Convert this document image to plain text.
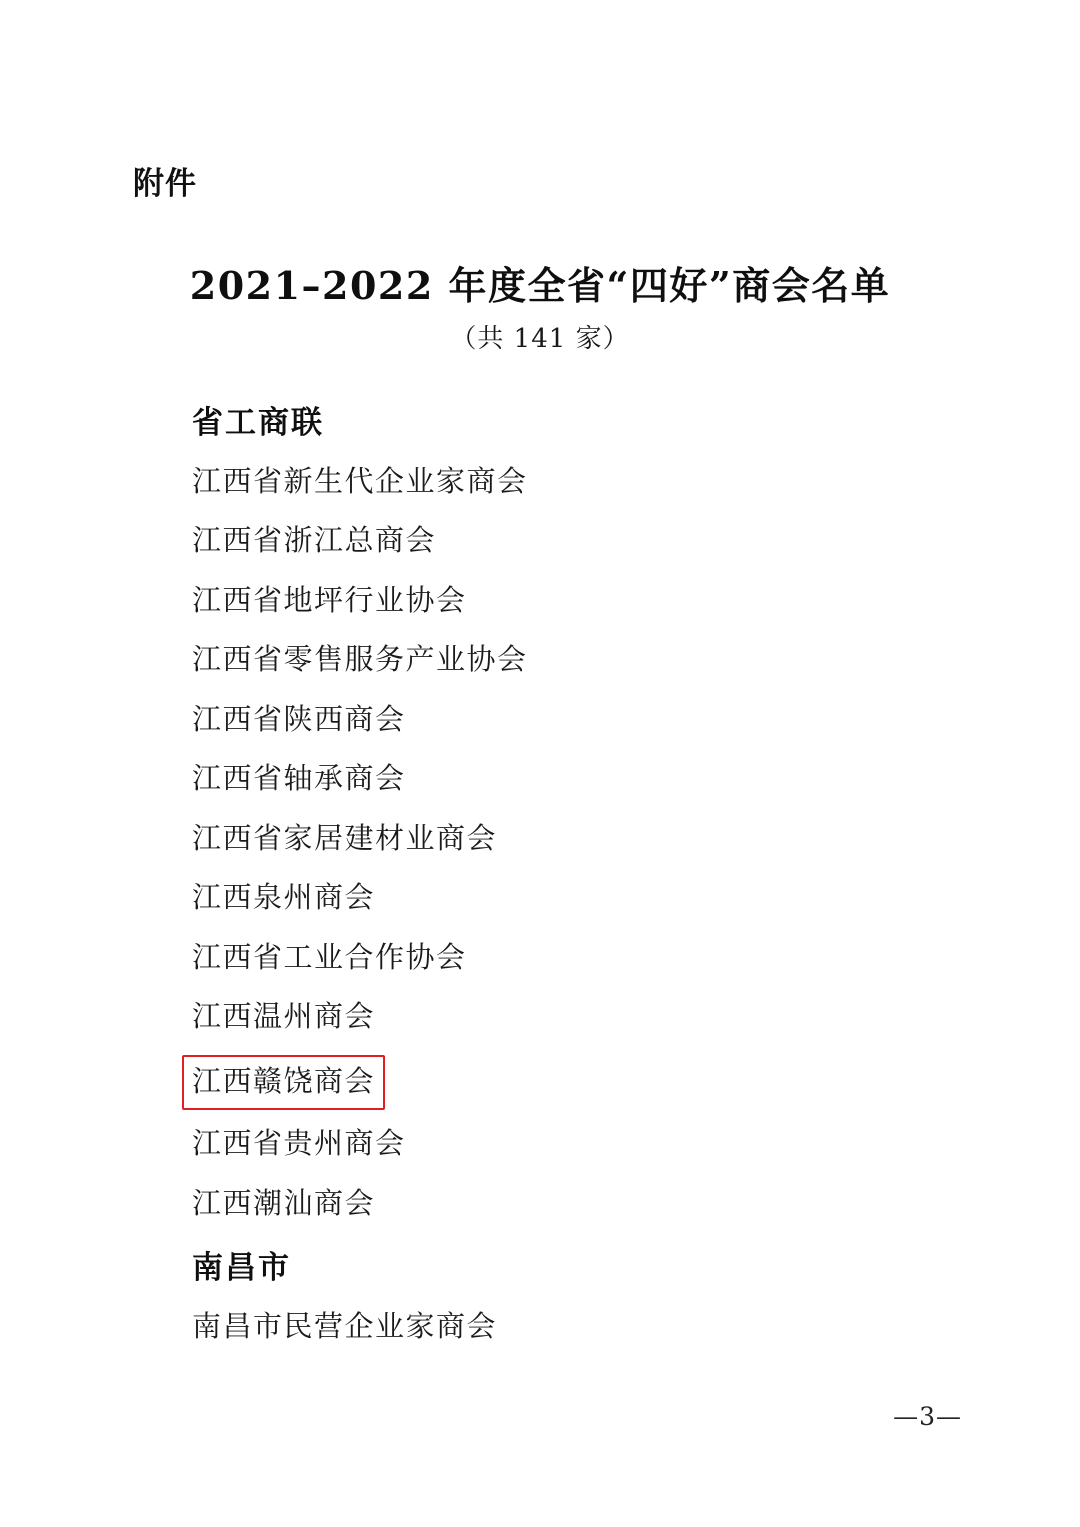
附件
2021–2022 年度全省“四好”商会名单
（共 141 家）
省工商联
江西省新生代企业家商会
江西省浙江总商会
江西省地坪行业协会
江西省零售服务产业协会
江西省陕西商会
江西省轴承商会
江西省家居建材业商会
江西泉州商会
江西省工业合作协会
江西温州商会
江西赣饶商会
江西省贵州商会
江西潮汕商会
南昌市
南昌市民营企业家商会
—3—
